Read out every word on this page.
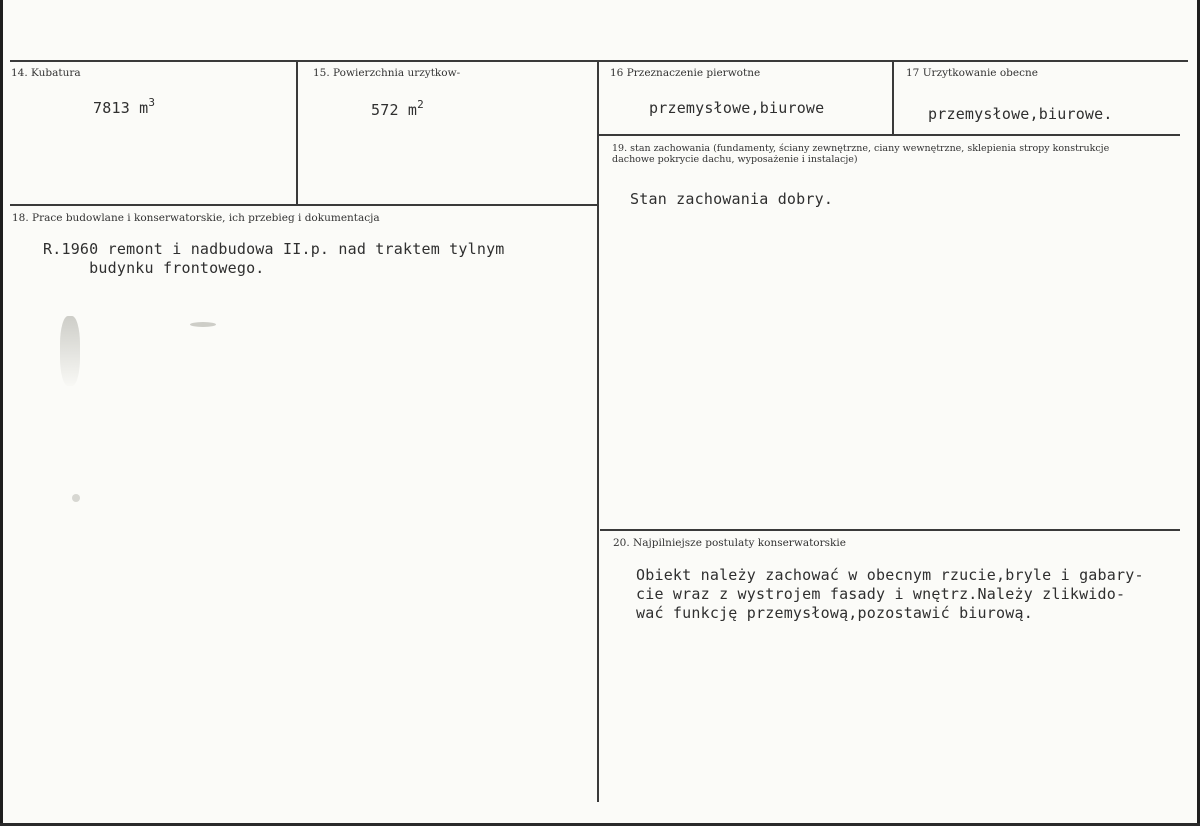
14. Kubatura
7813 $m^3$
15. Powierzchnia urzytkow-
572 $m^2$
16 Przeznaczenie pierwotne
przemysłowe,biurowe
17 Urzytkowanie obecne
przemysłowe,biurowe.
18. Prace budowlane i konserwatorskie, ich przebieg i dokumentacja
R.1960 remont i nadbudowa II.p. nad traktem tylnym
budynku frontowego.
19. stan zachowania (fundamenty, ściany zewnętrzne, ciany wewnętrzne, sklepienia stropy konstrukcje dachowe pokrycie dachu, wyposażenie i instalacje)
Stan zachowania dobry.
20. Najpilniejsze postulaty konserwatorskie
Obiekt należy zachować w obecnym rzucie,bryle i gabary-
cie wraz z wystrojem fasady i wnętrz.Należy zlikwido-
wać funkcję przemysłową,pozostawić biurową.
